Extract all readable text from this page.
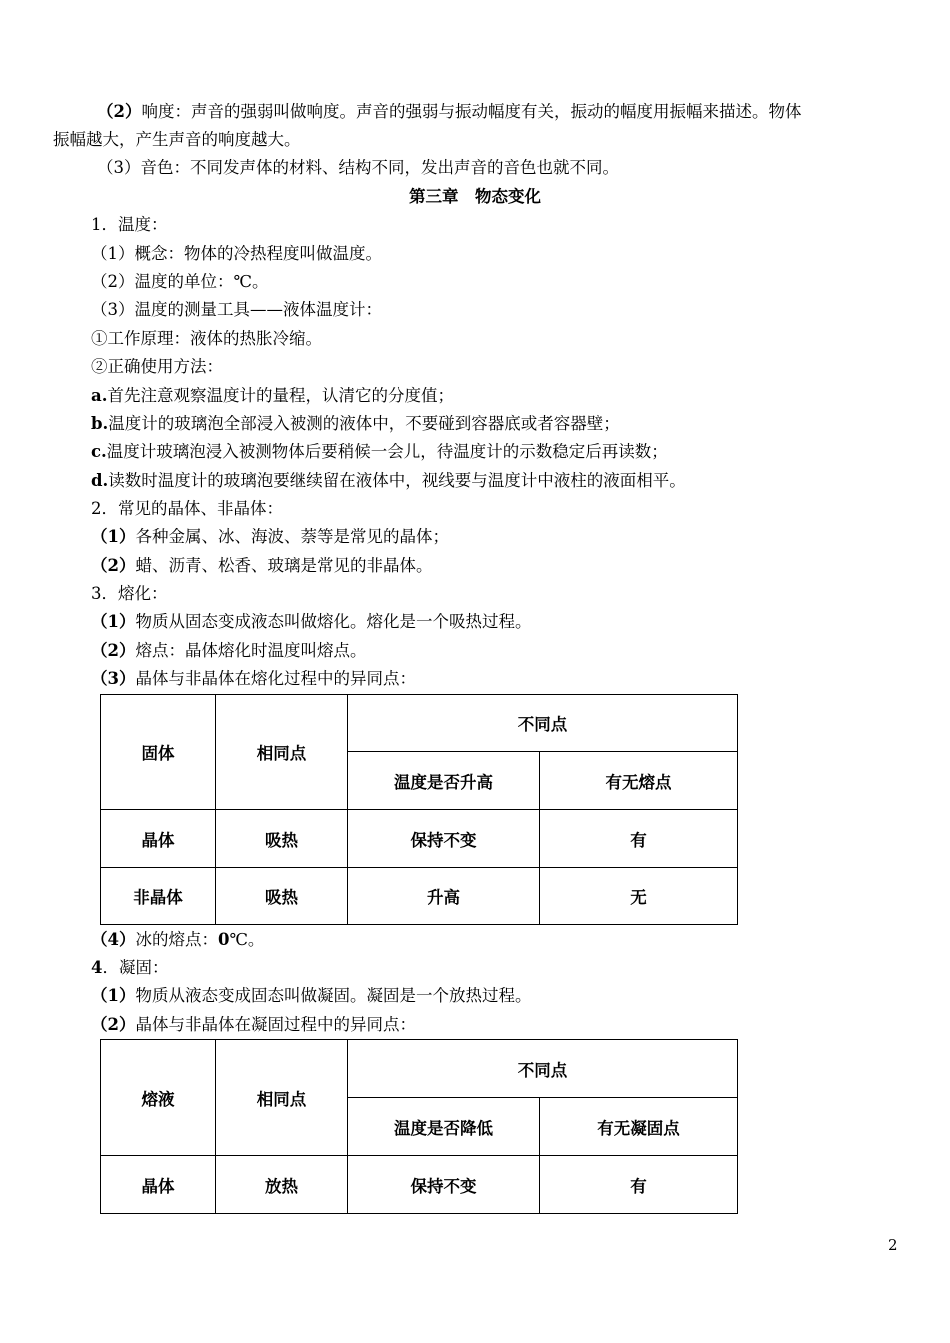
（2）响度：声音的强弱叫做响度。声音的强弱与振动幅度有关，振动的幅度用振幅来描述。物体
振幅越大，产生声音的响度越大。
（3）音色：不同发声体的材料、结构不同，发出声音的音色也就不同。
第三章　物态变化
1．温度：
（1）概念：物体的冷热程度叫做温度。
（2）温度的单位：℃。
（3）温度的测量工具——液体温度计：
①工作原理：液体的热胀冷缩。
②正确使用方法：
a.首先注意观察温度计的量程，认清它的分度值；
b.温度计的玻璃泡全部浸入被测的液体中，不要碰到容器底或者容器壁；
c.温度计玻璃泡浸入被测物体后要稍候一会儿，待温度计的示数稳定后再读数；
d.读数时温度计的玻璃泡要继续留在液体中，视线要与温度计中液柱的液面相平。
2．常见的晶体、非晶体：
（1）各种金属、冰、海波、萘等是常见的晶体；
（2）蜡、沥青、松香、玻璃是常见的非晶体。
3．熔化：
（1）物质从固态变成液态叫做熔化。熔化是一个吸热过程。
（2）熔点：晶体熔化时温度叫熔点。
（3）晶体与非晶体在熔化过程中的异同点：
固体	相同点	不同点	
		温度是否升高	有无熔点
晶体	吸热	保持不变	有
非晶体	吸热	升高	无
（4）冰的熔点：0℃。
4．凝固：
（1）物质从液态变成固态叫做凝固。凝固是一个放热过程。
（2）晶体与非晶体在凝固过程中的异同点：
熔液	相同点	不同点	
		温度是否降低	有无凝固点
晶体	放热	保持不变	有
2
